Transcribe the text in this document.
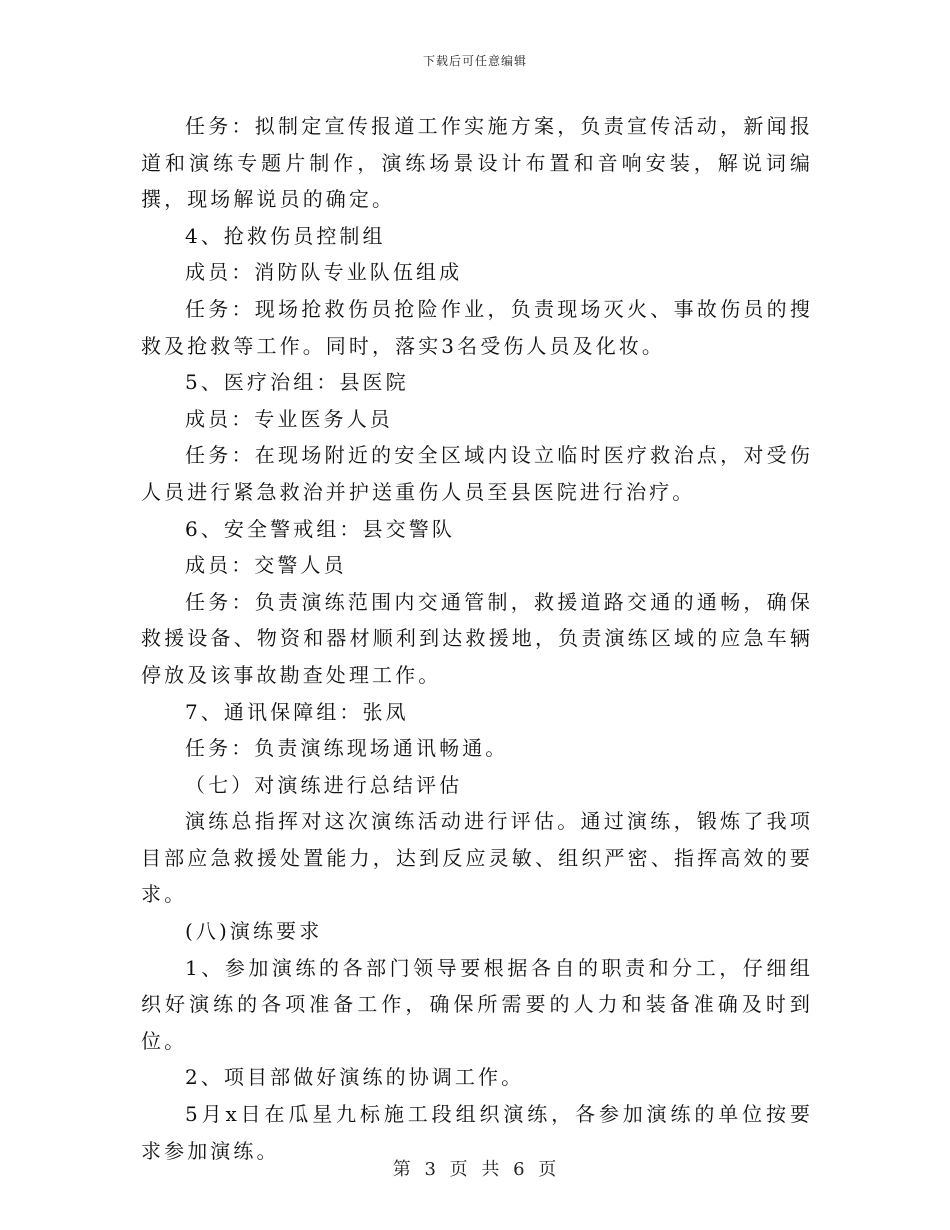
下载后可任意编辑

任务：拟制定宣传报道工作实施方案，负责宣传活动，新闻报道和演练专题片制作，演练场景设计布置和音响安装，解说词编撰，现场解说员的确定。

4、抢救伤员控制组

成员：消防队专业队伍组成

任务：现场抢救伤员抢险作业，负责现场灭火、事故伤员的搜救及抢救等工作。同时，落实3名受伤人员及化妆。

5、医疗治组：县医院

成员：专业医务人员

任务：在现场附近的安全区域内设立临时医疗救治点，对受伤人员进行紧急救治并护送重伤人员至县医院进行治疗。

6、安全警戒组：县交警队

成员：交警人员

任务：负责演练范围内交通管制，救援道路交通的通畅，确保救援设备、物资和器材顺利到达救援地，负责演练区域的应急车辆停放及该事故勘查处理工作。

7、通讯保障组：张凤

任务：负责演练现场通讯畅通。

（七）对演练进行总结评估

演练总指挥对这次演练活动进行评估。通过演练，锻炼了我项目部应急救援处置能力，达到反应灵敏、组织严密、指挥高效的要求。

(八)演练要求

1、参加演练的各部门领导要根据各自的职责和分工，仔细组织好演练的各项准备工作，确保所需要的人力和装备准确及时到位。

2、项目部做好演练的协调工作。

5月x日在瓜星九标施工段组织演练，各参加演练的单位按要求参加演练。

第 3 页 共 6 页
